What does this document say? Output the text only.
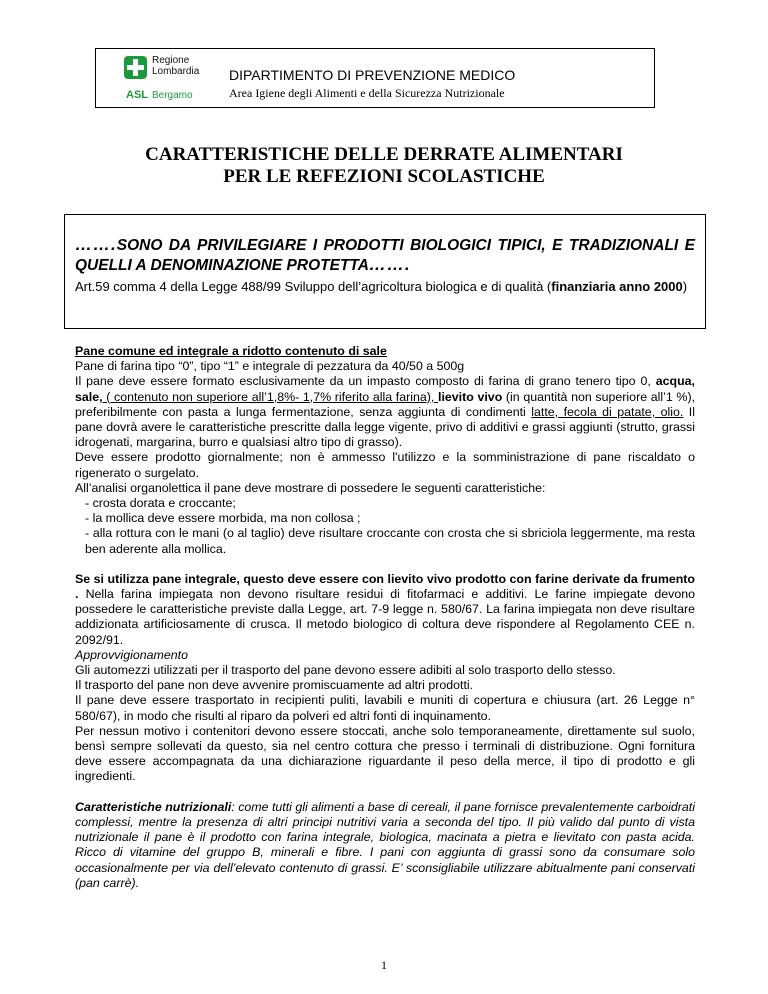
Regione
Lombardia
ASL Bergamo
DIPARTIMENTO DI PREVENZIONE MEDICO
Area Igiene degli Alimenti e della Sicurezza Nutrizionale
CARATTERISTICHE DELLE DERRATE ALIMENTARI
PER LE REFEZIONI SCOLASTICHE

…….SONO DA PRIVILEGIARE I PRODOTTI BIOLOGICI TIPICI, E TRADIZIONALI E QUELLI A DENOMINAZIONE PROTETTA…….

Art.59 comma 4 della Legge 488/99 Sviluppo dell’agricoltura biologica e di qualità (finanziaria anno 2000)

Pane comune ed integrale a ridotto contenuto di sale

Pane di farina tipo “0”, tipo “1” e integrale di pezzatura da 40/50 a 500g

Il pane deve essere formato esclusivamente da un impasto composto di farina di grano tenero tipo 0, acqua, sale, ( contenuto non superiore all’1,8%- 1,7% riferito alla farina), lievito vivo (in quantità non superiore all’1 %), preferibilmente con pasta a lunga fermentazione, senza aggiunta di condimenti latte, fecola di patate, olio. Il pane dovrà avere le caratteristiche prescritte dalla legge vigente, privo di additivi e grassi aggiunti (strutto, grassi idrogenati, margarina, burro e qualsiasi altro tipo di grasso).

Deve essere prodotto giornalmente; non è ammesso l'utilizzo e la somministrazione di pane riscaldato o rigenerato o surgelato.

All’analisi organolettica il pane deve mostrare di possedere le seguenti caratteristiche:

- crosta dorata e croccante;

- la mollica deve essere morbida, ma non collosa ;

- alla rottura con le mani (o al taglio) deve risultare croccante con crosta che si sbriciola leggermente, ma resta ben aderente alla mollica.

Se si utilizza pane integrale, questo deve essere con lievito vivo prodotto con farine derivate da frumento . Nella farina impiegata non devono risultare residui di fitofarmaci e additivi. Le farine impiegate devono possedere le caratteristiche previste dalla Legge, art. 7-9 legge n. 580/67. La farina impiegata non deve risultare addizionata artificiosamente di crusca. Il metodo biologico di coltura deve rispondere al Regolamento CEE n. 2092/91.

Approvvigionamento

Gli automezzi utilizzati per il trasporto del pane devono essere adibiti al solo trasporto dello stesso.

Il trasporto del pane non deve avvenire promiscuamente ad altri prodotti.

Il pane deve essere trasportato in recipienti puliti, lavabili e muniti di copertura e chiusura (art. 26 Legge n° 580/67), in modo che risulti al riparo da polveri ed altri fonti di inquinamento.

Per nessun motivo i contenitori devono essere stoccati, anche solo temporaneamente, direttamente sul suolo, bensì sempre sollevati da questo, sia nel centro cottura che presso i terminali di distribuzione. Ogni fornitura deve essere accompagnata da una dichiarazione riguardante il peso della merce, il tipo di prodotto e gli ingredienti.

Caratteristiche nutrizionali: come tutti gli alimenti a base di cereali, il pane fornisce prevalentemente carboidrati complessi, mentre la presenza di altri principi nutritivi varia a seconda del tipo. Il più valido dal punto di vista nutrizionale il pane è il prodotto con farina integrale, biologica, macinata a pietra e lievitato con pasta acida. Ricco di vitamine del gruppo B, minerali e fibre. I pani con aggiunta di grassi sono da consumare solo occasionalmente per via dell’elevato contenuto di grassi. E’ sconsigliabile utilizzare abitualmente pani conservati (pan carrè).

1
